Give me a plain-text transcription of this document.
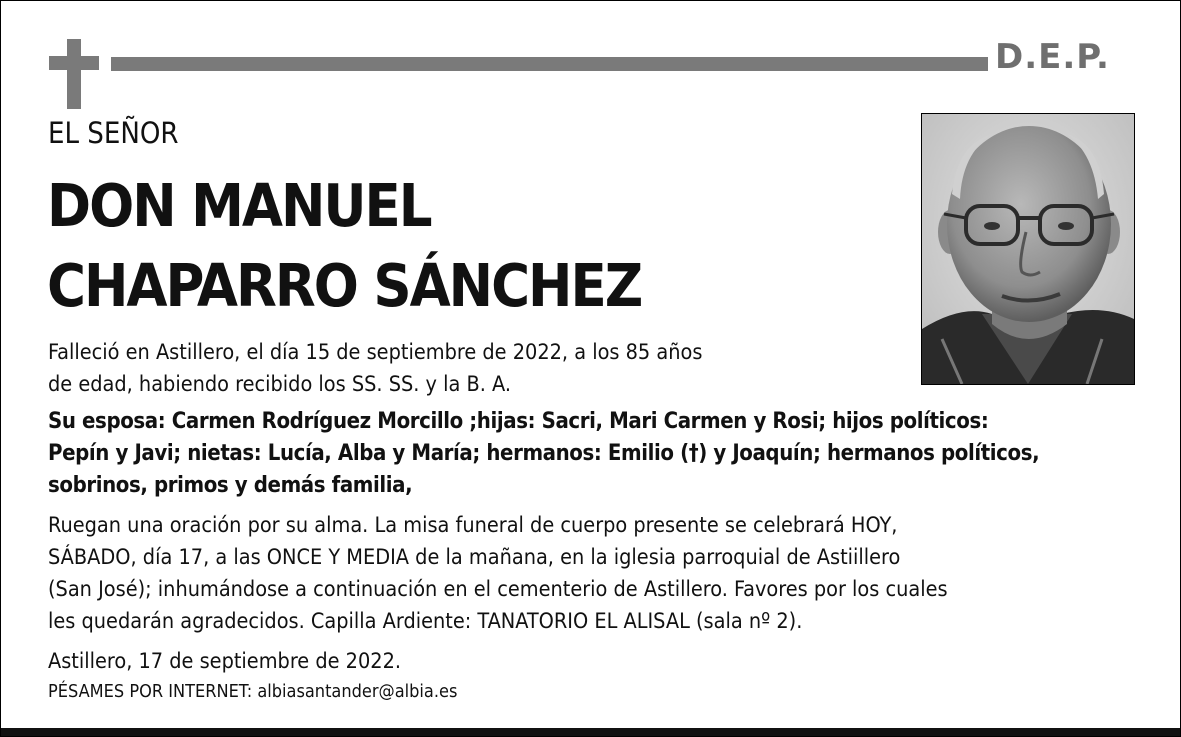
D.E.P.
EL SEÑOR
DON MANUEL
CHAPARRO SÁNCHEZ
Falleció en Astillero, el día 15 de septiembre de 2022, a los 85 años
de edad, habiendo recibido los SS. SS. y la B. A.
Su esposa: Carmen Rodríguez Morcillo ;hijas: Sacri, Mari Carmen y Rosi; hijos políticos:
Pepín y Javi; nietas: Lucía, Alba y María; hermanos: Emilio (†) y Joaquín; hermanos políticos,
sobrinos, primos y demás familia,
Ruegan una oración por su alma. La misa funeral de cuerpo presente se celebrará HOY,
SÁBADO, día 17, a las ONCE Y MEDIA de la mañana, en la iglesia parroquial de Astiillero
(San José); inhumándose a continuación en el cementerio de Astillero. Favores por los cuales
les quedarán agradecidos. Capilla Ardiente: TANATORIO EL ALISAL (sala nº 2).
Astillero, 17 de septiembre de 2022.
PÉSAMES POR INTERNET: albiasantander@albia.es
